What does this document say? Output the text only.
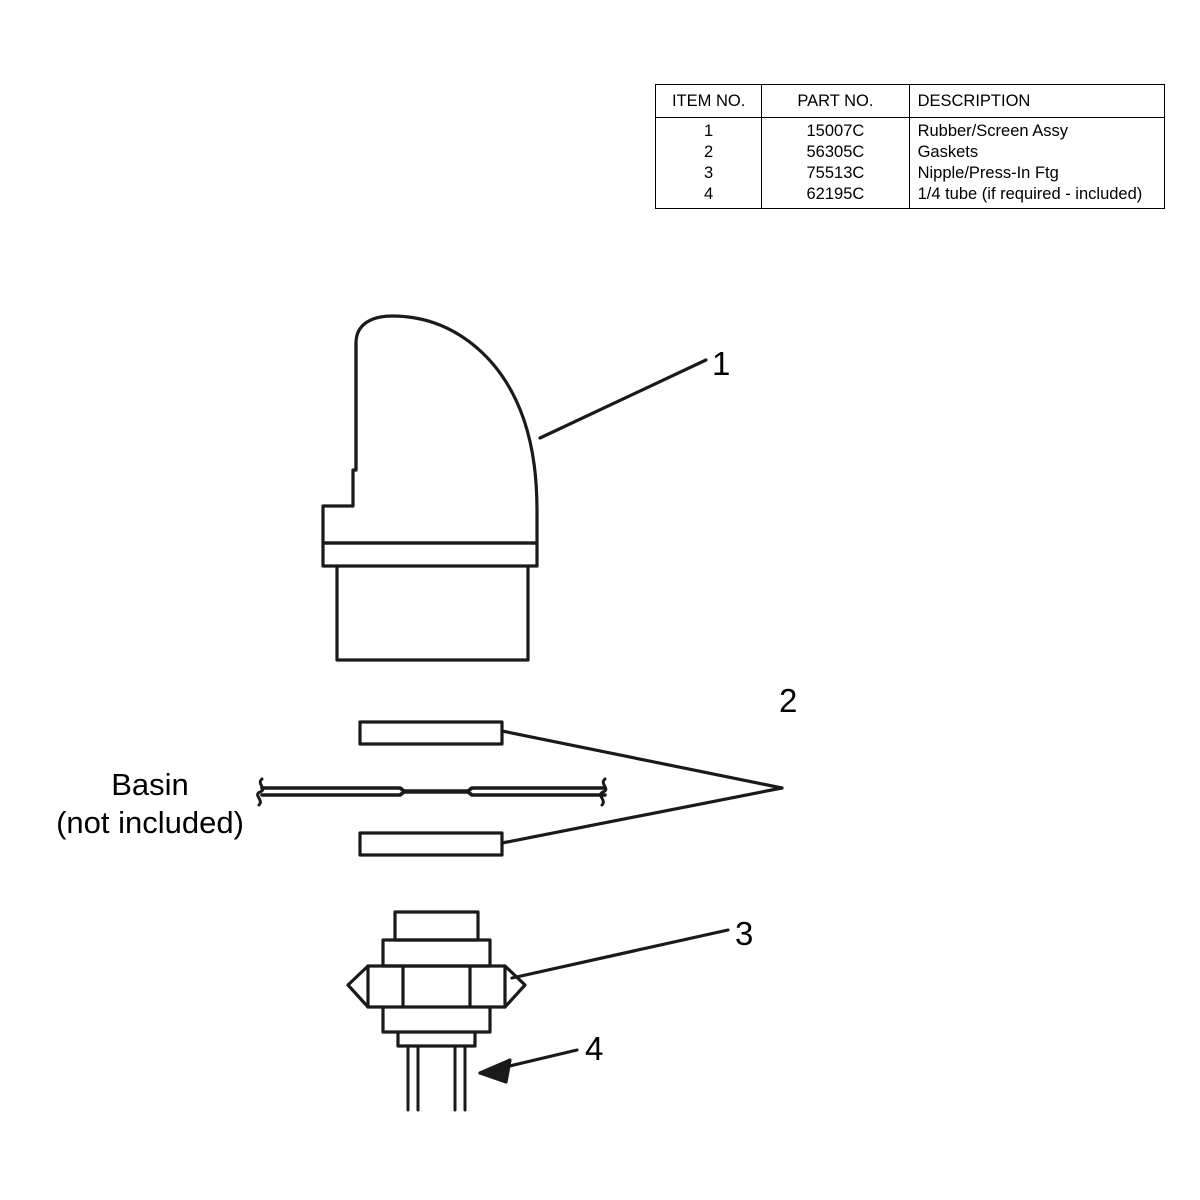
ITEM NO.	PART NO.	DESCRIPTION
1	15007C	Rubber/Screen Assy
2	56305C	Gaskets
3	75513C	Nipple/Press-In Ftg
4	62195C	1/4 tube (if required - included)
1
2
3
4
Basin
(not included)
